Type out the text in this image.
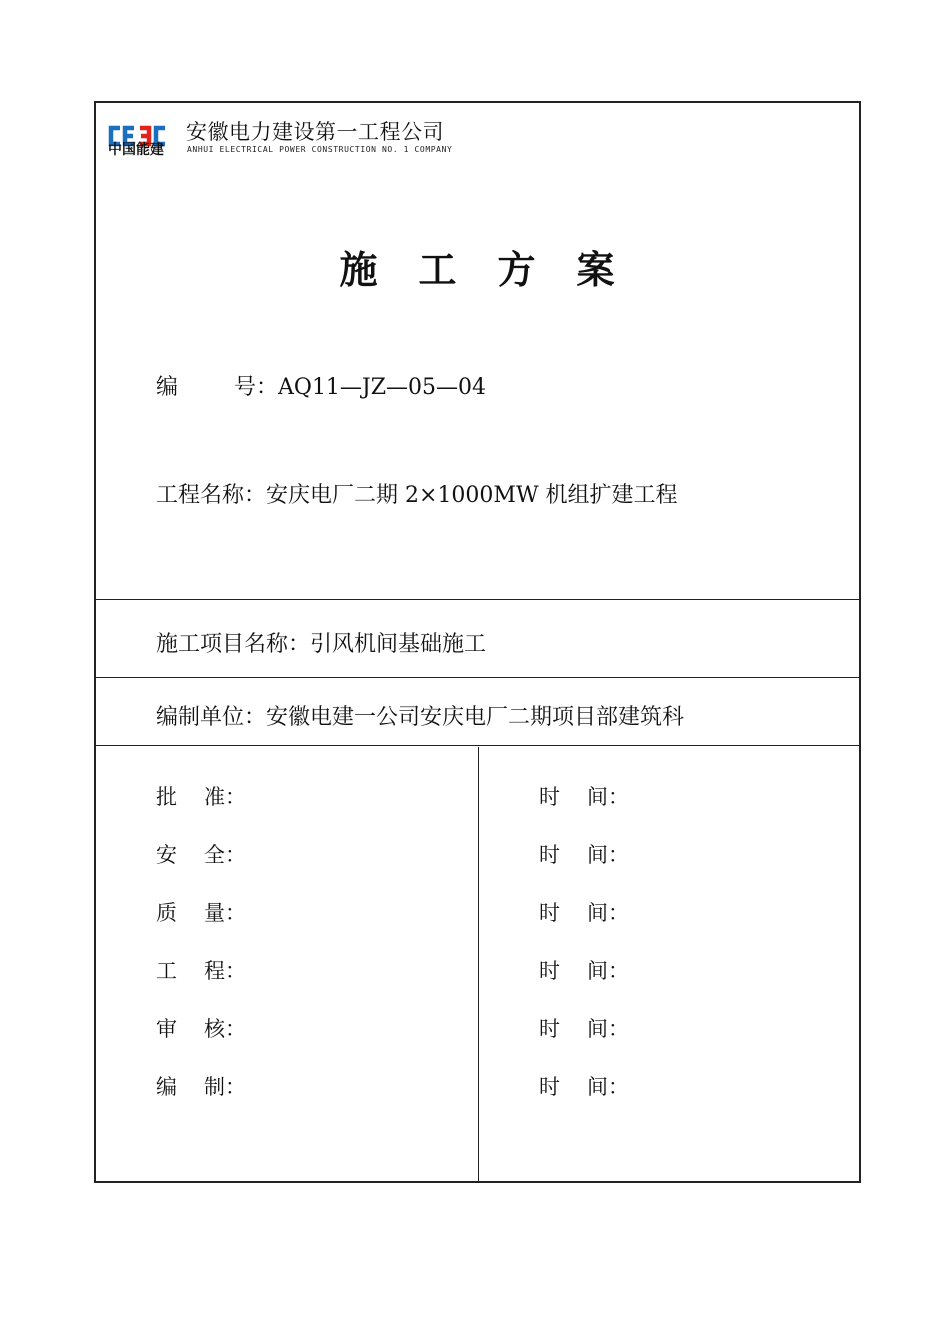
中国能建
安徽电力建设第一工程公司
ANHUI ELECTRICAL POWER CONSTRUCTION NO. 1 COMPANY
施 工 方 案
编	号：AQ11—JZ—05—04
工程名称：安庆电厂二期 2×1000MW 机组扩建工程
施工项目名称：引风机间基础施工
编制单位：安徽电建一公司安庆电厂二期项目部建筑科
批 准：
安 全：
质 量：
工 程：
审 核：
编 制：
时 间：
时 间：
时 间：
时 间：
时 间：
时 间：
